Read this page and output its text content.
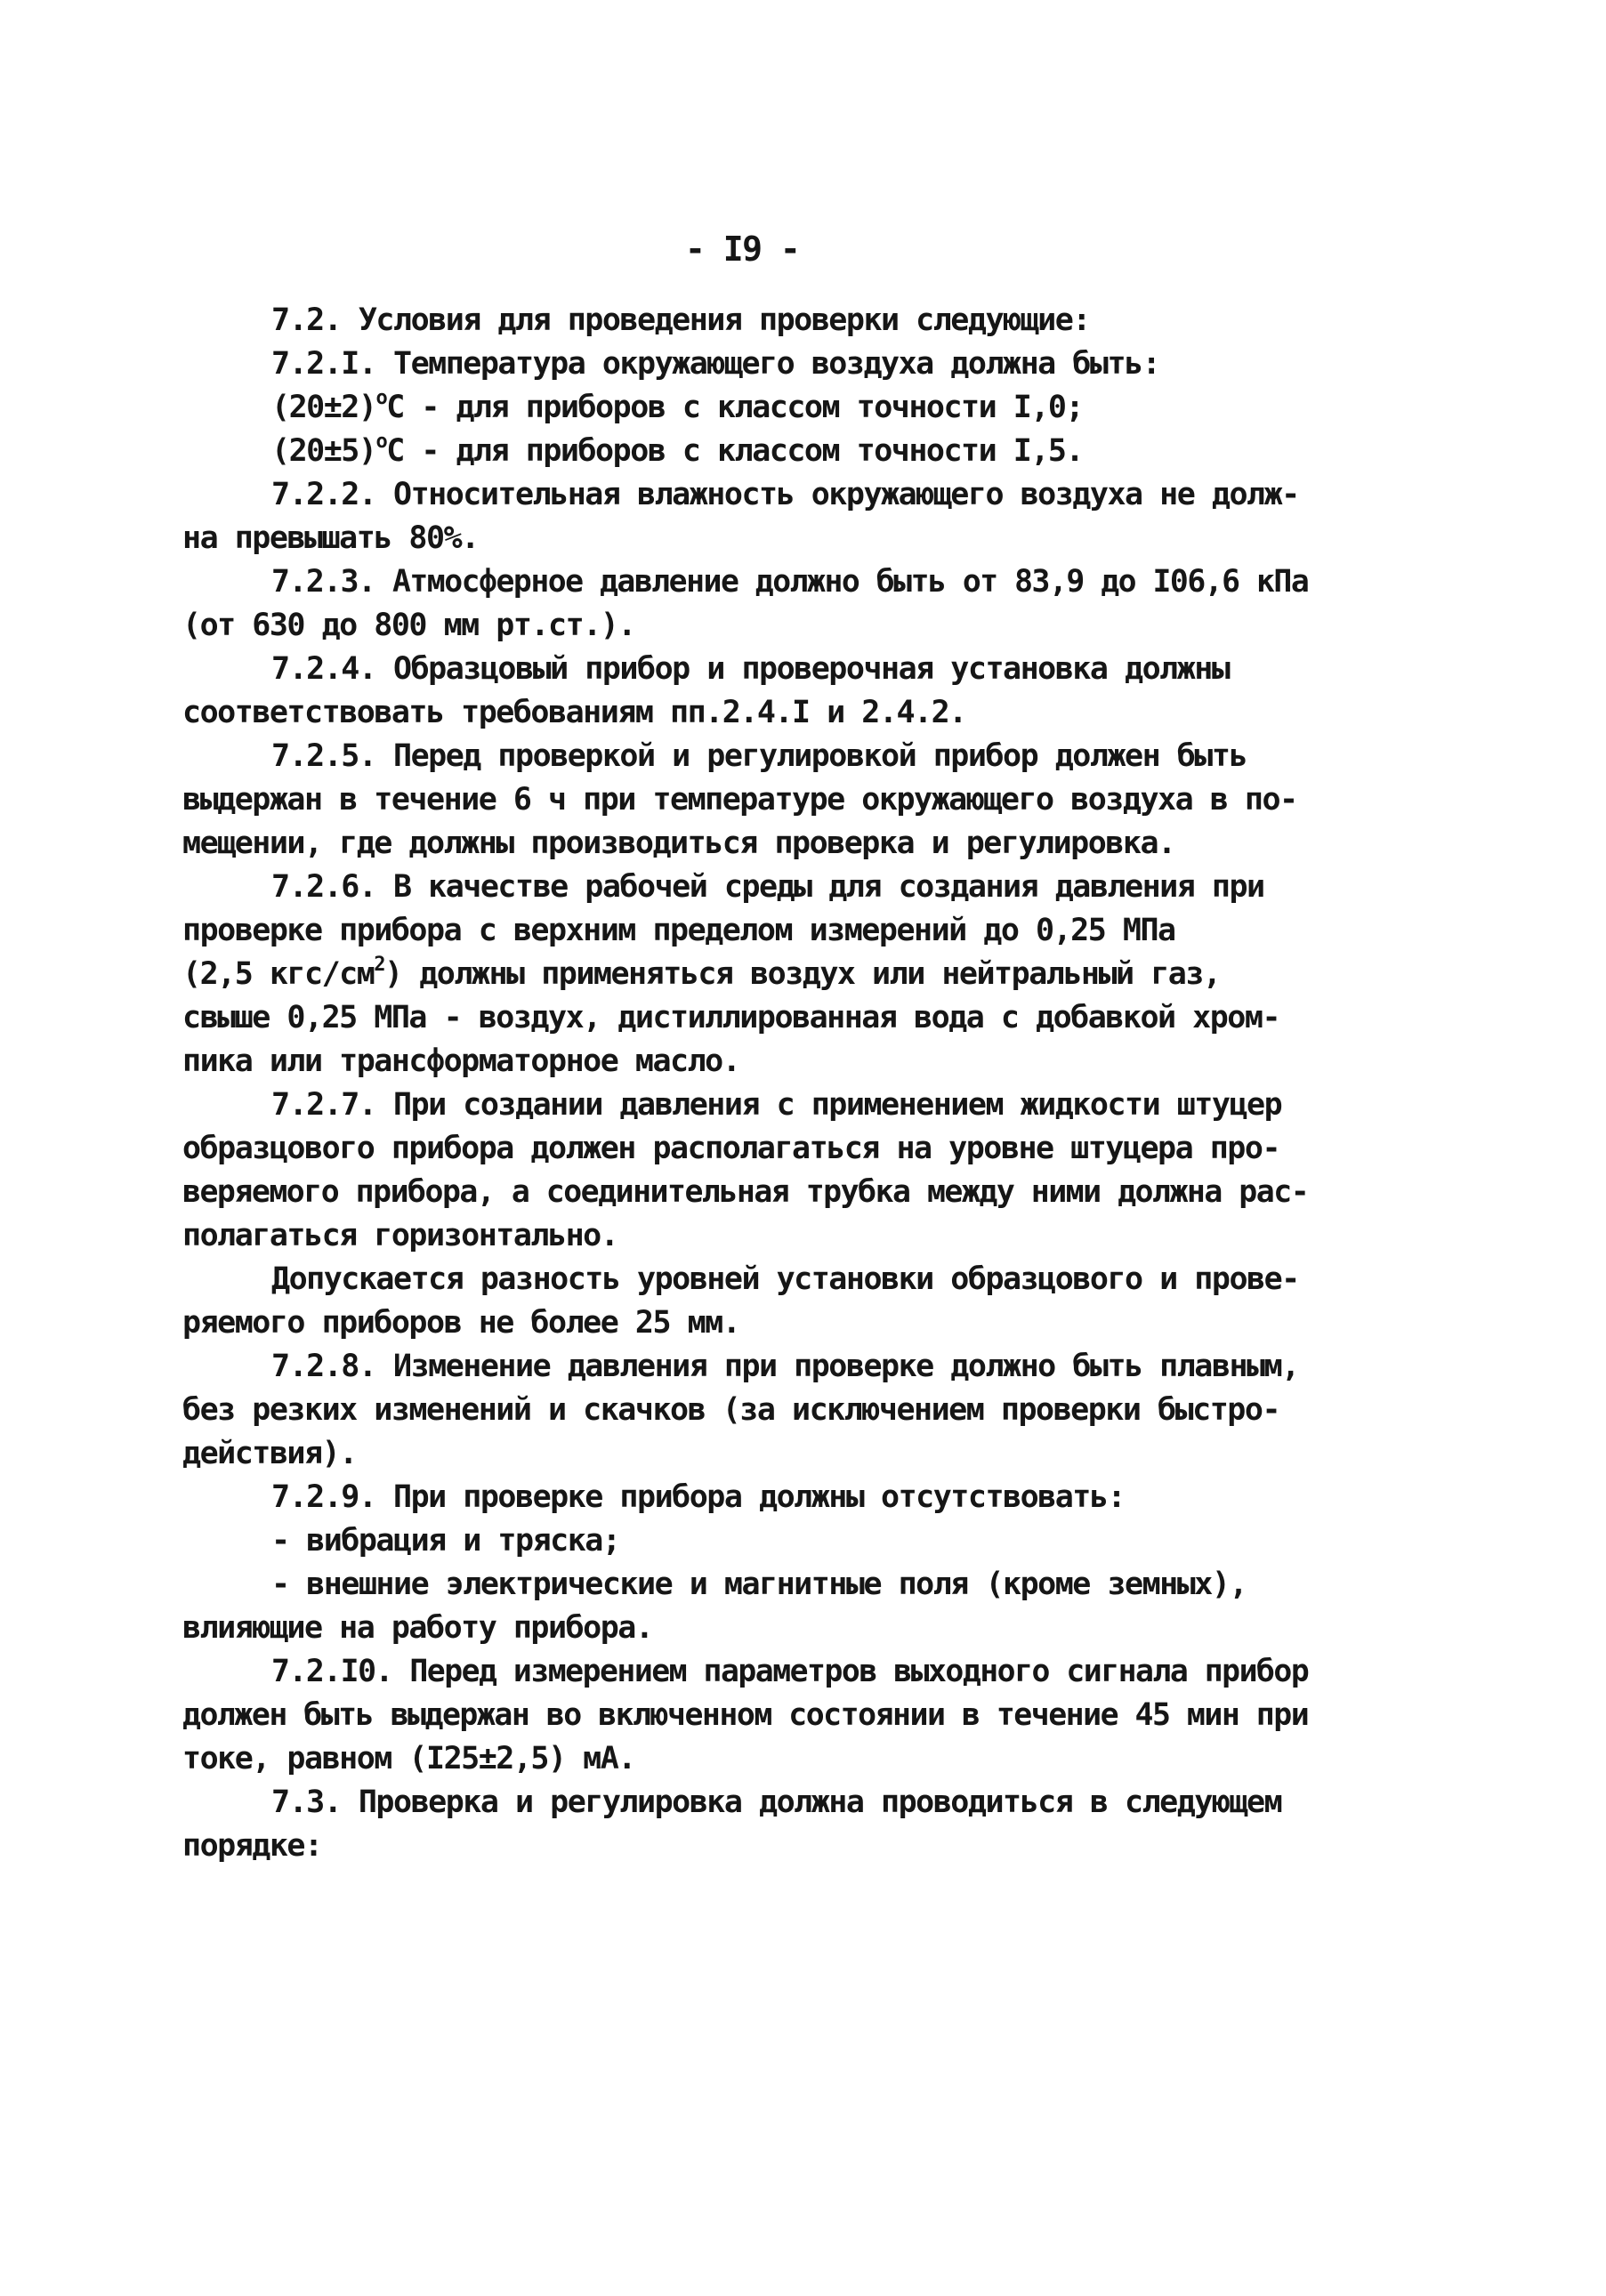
- I9 -
7.2. Условия для проведения проверки следующие:
7.2.I. Температура окружающего воздуха должна быть:
$(20\pm 2)^оС$ - для приборов с классом точности I,0;
$(20\pm 5)^оС$ - для приборов с классом точности I,5.
7.2.2. Относительная влажность окружающего воздуха не долж-
на превышать 80%.
7.2.3. Атмосферное давление должно быть от 83,9 до I06,6 кПа
(от 630 до 800 мм рт.ст.).
7.2.4. Образцовый прибор и проверочная установка должны
соответствовать требованиям пп.2.4.I и 2.4.2.
7.2.5. Перед проверкой и регулировкой прибор должен быть
выдержан в течение 6 ч при температуре окружающего воздуха в по-
мещении, где должны производиться проверка и регулировка.
7.2.6. В качестве рабочей среды для создания давления при
проверке прибора с верхним пределом измерений до 0,25 МПа
(2,5 кгс/$см^2$) должны применяться воздух или нейтральный газ,
свыше 0,25 МПа - воздух, дистиллированная вода с добавкой хром-
пика или трансформаторное масло.
7.2.7. При создании давления с применением жидкости штуцер
образцового прибора должен располагаться на уровне штуцера про-
веряемого прибора, а соединительная трубка между ними должна рас-
полагаться горизонтально.
Допускается разность уровней установки образцового и прове-
ряемого приборов не более 25 мм.
7.2.8. Изменение давления при проверке должно быть плавным,
без резких изменений и скачков (за исключением проверки быстро-
действия).
7.2.9. При проверке прибора должны отсутствовать:
- вибрация и тряска;
- внешние электрические и магнитные поля (кроме земных),
влияющие на работу прибора.
7.2.I0. Перед измерением параметров выходного сигнала прибор
должен быть выдержан во включенном состоянии в течение 45 мин при
токе, равном (I25±2,5) мА.
7.3. Проверка и регулировка должна проводиться в следующем
порядке:
